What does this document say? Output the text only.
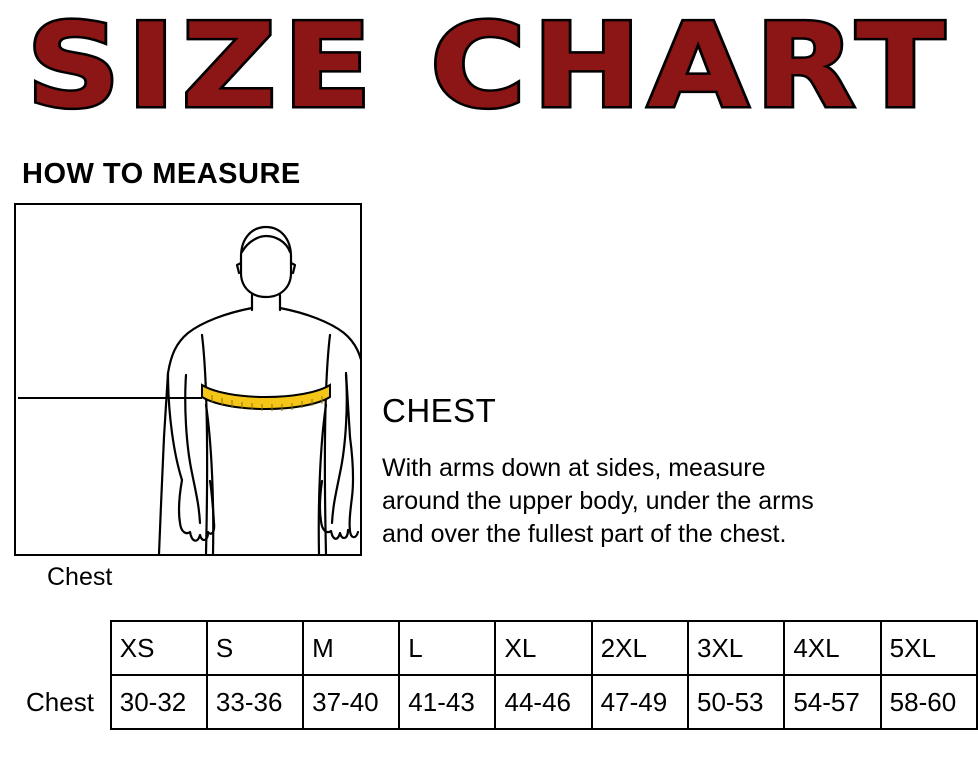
SIZE CHART
HOW TO MEASURE
Chest
CHEST
With arms down at sides, measure
around the upper body, under the arms
and over the fullest part of the chest.
	XS	S	M	L	XL	2XL	3XL	4XL	5XL
Chest	30-32	33-36	37-40	41-43	44-46	47-49	50-53	54-57	58-60
